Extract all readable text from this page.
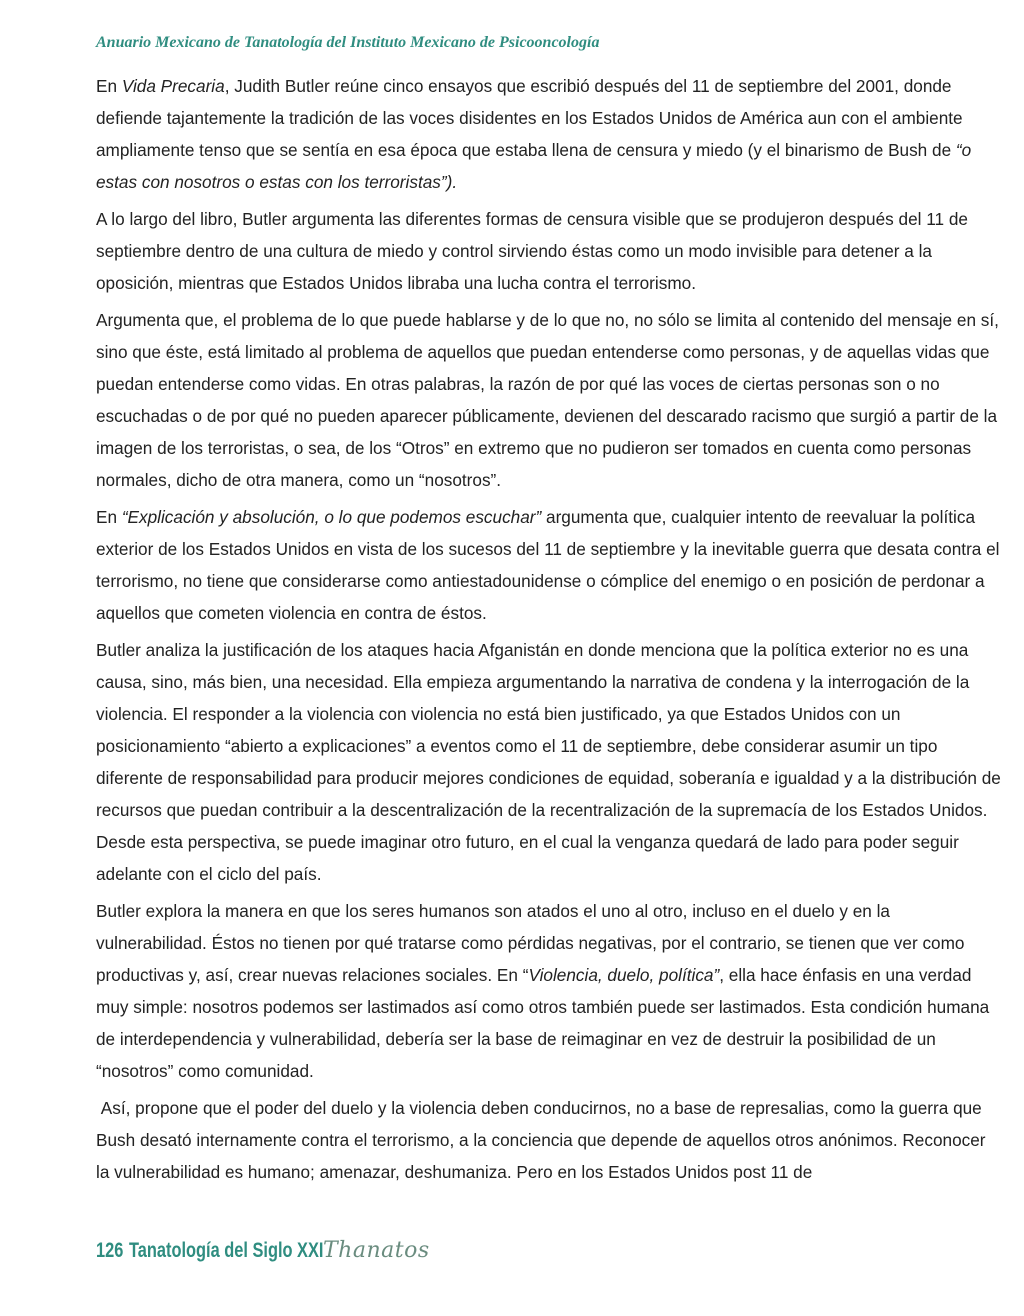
Anuario Mexicano de Tanatología del Instituto Mexicano de Psicooncología

En Vida Precaria, Judith Butler reúne cinco ensayos que escribió después del 11 de septiembre del 2001, donde defiende tajantemente la tradición de las voces disidentes en los Estados Unidos de América aun con el ambiente ampliamente tenso que se sentía en esa época que estaba llena de censura y miedo (y el binarismo de Bush de “o estas con nosotros o estas con los terroristas”).

A lo largo del libro, Butler argumenta las diferentes formas de censura visible que se produjeron después del 11 de septiembre dentro de una cultura de miedo y control sirviendo éstas como un modo invisible para detener a la oposición, mientras que Estados Unidos libraba una lucha contra el terrorismo.

Argumenta que, el problema de lo que puede hablarse y de lo que no, no sólo se limita al contenido del mensaje en sí, sino que éste, está limitado al problema de aquellos que puedan entenderse como personas, y de aquellas vidas que puedan entenderse como vidas. En otras palabras, la razón de por qué las voces de ciertas personas son o no escuchadas o de por qué no pueden aparecer públicamente, devienen del descarado racismo que surgió a partir de la imagen de los terroristas, o sea, de los “Otros” en extremo que no pudieron ser tomados en cuenta como personas normales, dicho de otra manera, como un “nosotros”.

En “Explicación y absolución, o lo que podemos escuchar” argumenta que, cualquier intento de reevaluar la política exterior de los Estados Unidos en vista de los sucesos del 11 de septiembre y la inevitable guerra que desata contra el terrorismo, no tiene que considerarse como antiestadounidense o cómplice del enemigo o en posición de perdonar a aquellos que cometen violencia en contra de éstos.

Butler analiza la justificación de los ataques hacia Afganistán en donde menciona que la política exterior no es una causa, sino, más bien, una necesidad. Ella empieza argumentando la narrativa de condena y la interrogación de la violencia. El responder a la violencia con violencia no está bien justificado, ya que Estados Unidos con un posicionamiento “abierto a explicaciones” a eventos como el 11 de septiembre, debe considerar asumir un tipo diferente de responsabilidad para producir mejores condiciones de equidad, soberanía e igualdad y a la distribución de recursos que puedan contribuir a la descentralización de la recentralización de la supremacía de los Estados Unidos. Desde esta perspectiva, se puede imaginar otro futuro, en el cual la venganza quedará de lado para poder seguir adelante con el ciclo del país.

Butler explora la manera en que los seres humanos son atados el uno al otro, incluso en el duelo y en la vulnerabilidad. Éstos no tienen por qué tratarse como pérdidas negativas, por el contrario, se tienen que ver como productivas y, así, crear nuevas relaciones sociales. En “Violencia, duelo, política”, ella hace énfasis en una verdad muy simple: nosotros podemos ser lastimados así como otros también puede ser lastimados. Esta condición humana de interdependencia y vulnerabilidad, debería ser la base de reimaginar en vez de destruir la posibilidad de un “nosotros” como comunidad.

Así, propone que el poder del duelo y la violencia deben conducirnos, no a base de represalias, como la guerra que Bush desató internamente contra el terrorismo, a la conciencia que depende de aquellos otros anónimos. Reconocer la vulnerabilidad es humano; amenazar, deshumaniza. Pero en los Estados Unidos post 11 de

126 Tanatología del Siglo XXI Thanatos
